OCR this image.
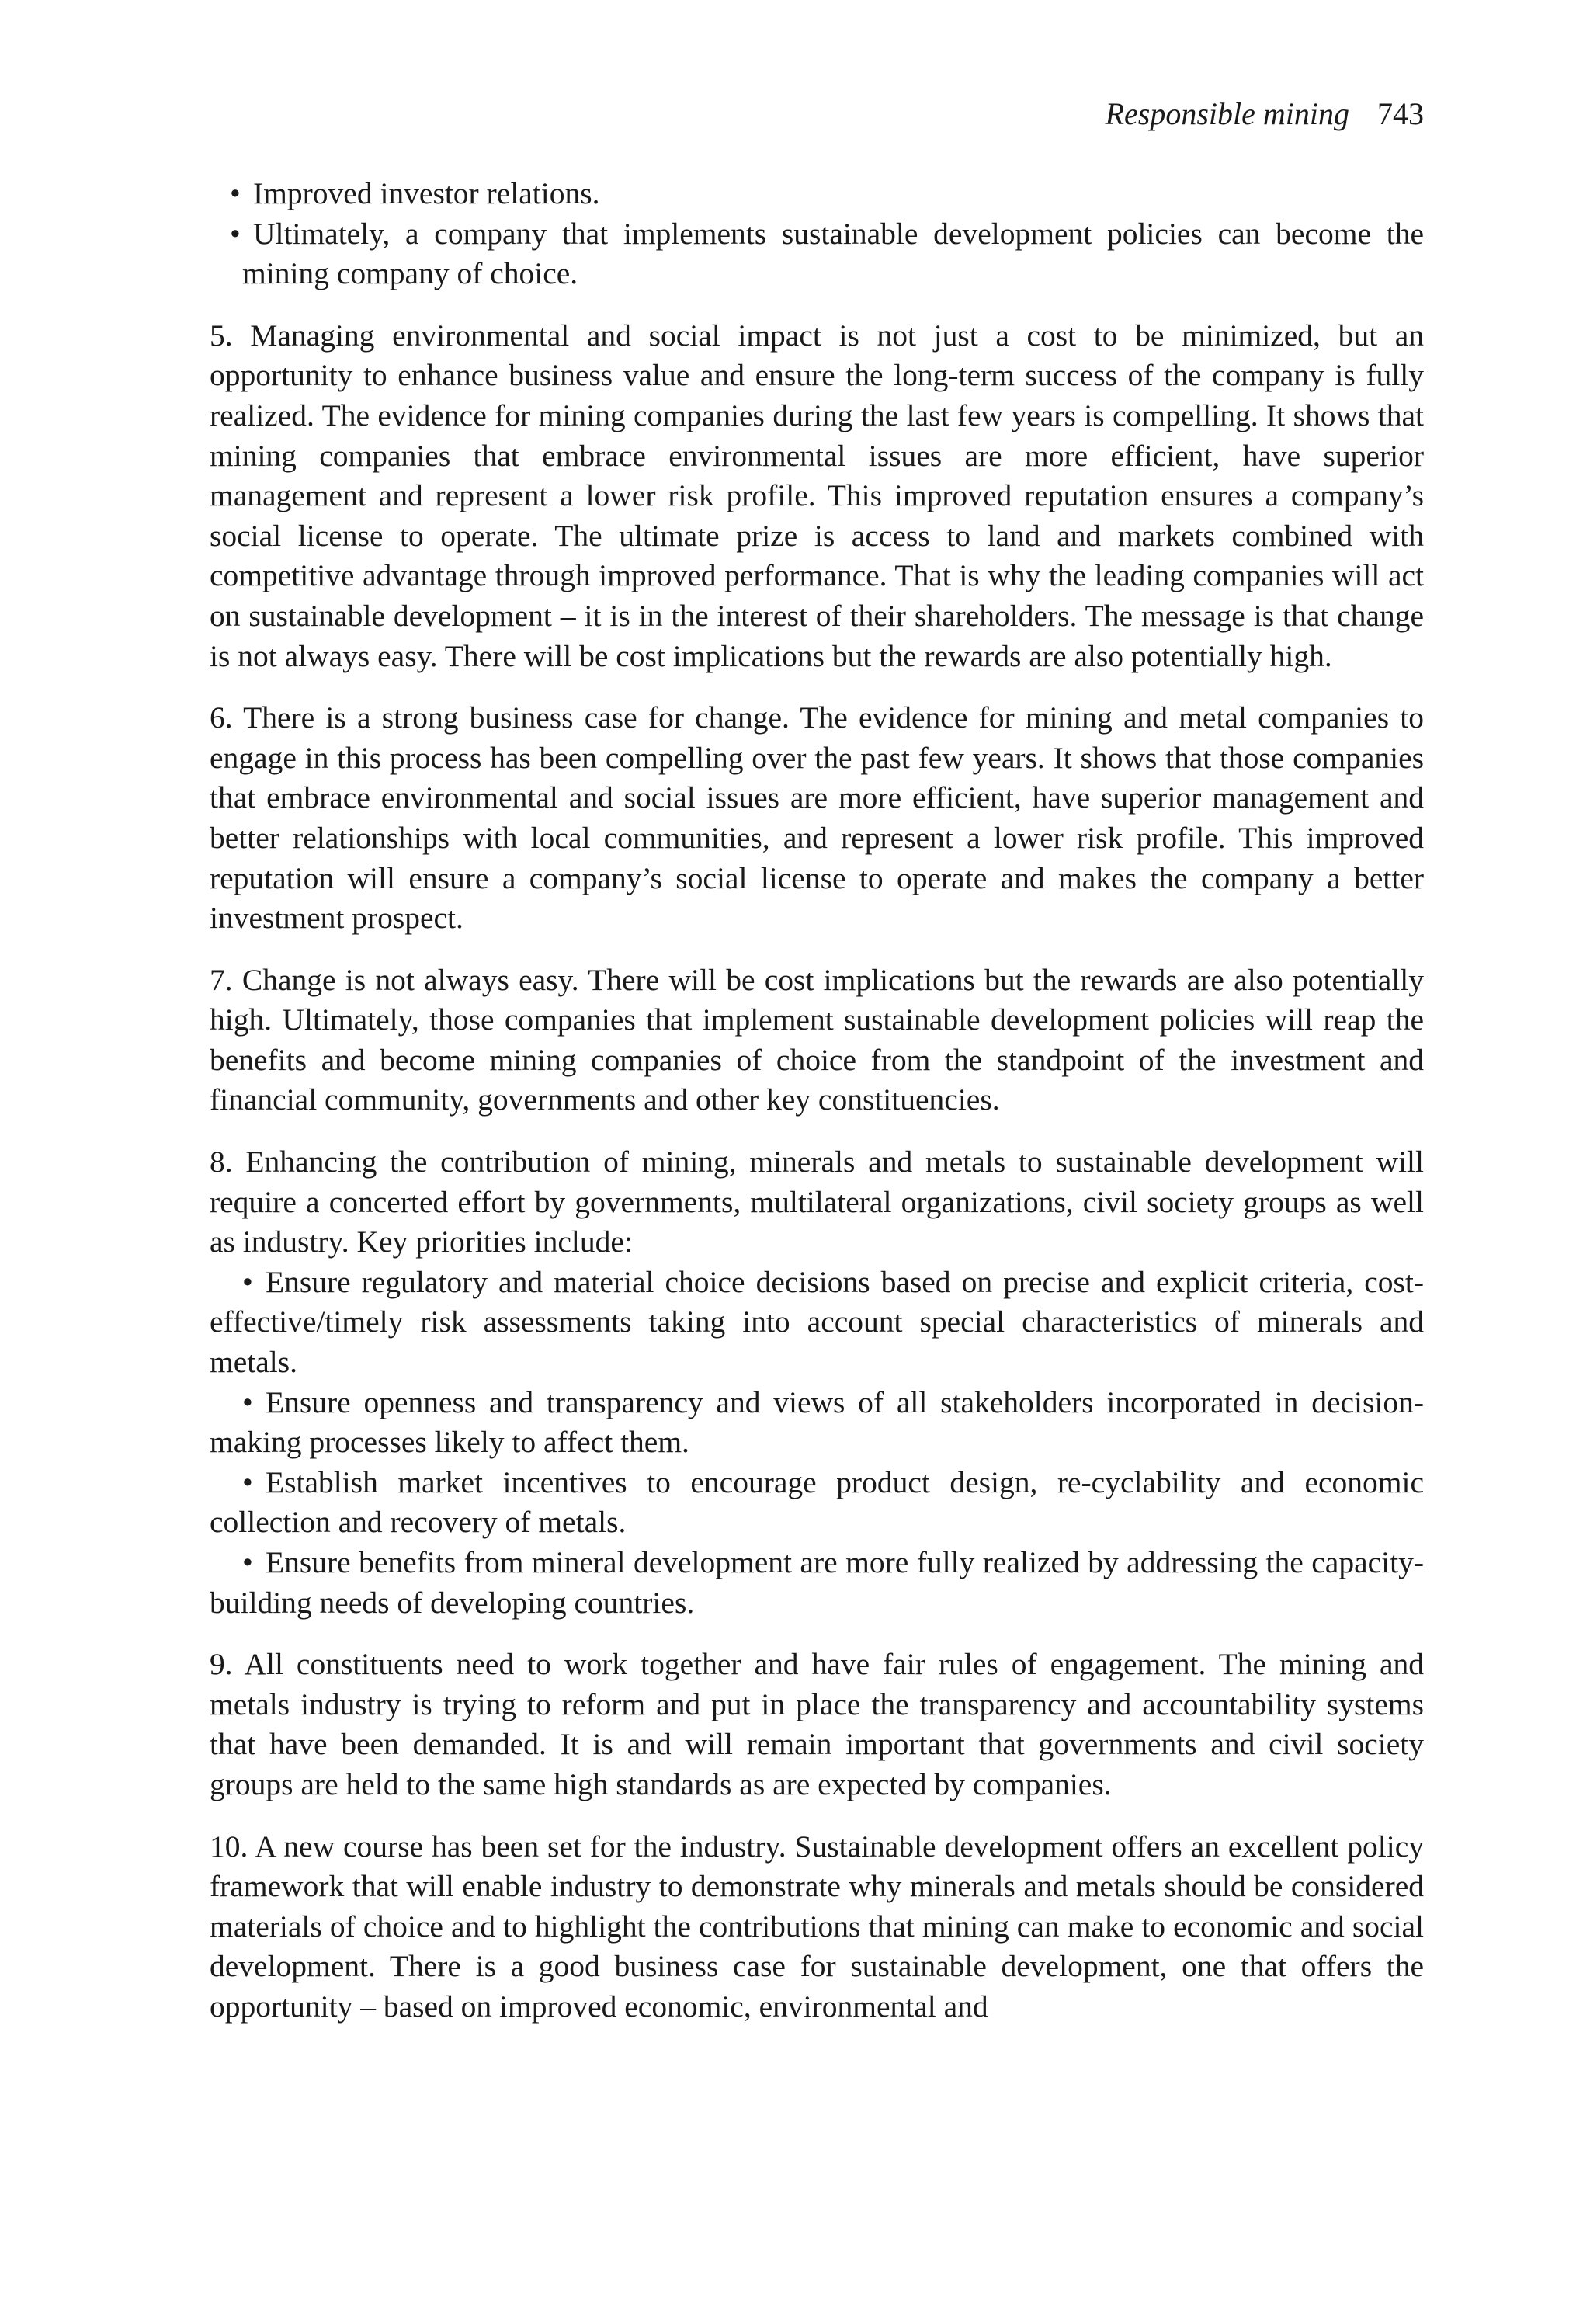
Responsible mining 743

• Improved investor relations.

• Ultimately, a company that implements sustainable development policies can become the mining company of choice.

5. Managing environmental and social impact is not just a cost to be minimized, but an opportunity to enhance business value and ensure the long-term success of the company is fully realized. The evidence for mining companies during the last few years is compelling. It shows that mining companies that embrace environmental issues are more efficient, have superior management and represent a lower risk profile. This improved reputation ensures a company’s social license to operate. The ultimate prize is access to land and markets combined with competitive advantage through improved performance. That is why the leading companies will act on sustainable development – it is in the interest of their shareholders. The message is that change is not always easy. There will be cost implications but the rewards are also potentially high.

6. There is a strong business case for change. The evidence for mining and metal companies to engage in this process has been compelling over the past few years. It shows that those companies that embrace environmental and social issues are more efficient, have superior management and better relationships with local communities, and represent a lower risk profile. This improved reputation will ensure a company’s social license to operate and makes the company a better investment prospect.

7. Change is not always easy. There will be cost implications but the rewards are also potentially high. Ultimately, those companies that implement sustainable development policies will reap the benefits and become mining companies of choice from the standpoint of the investment and financial community, governments and other key constituencies.

8. Enhancing the contribution of mining, minerals and metals to sustainable development will require a concerted effort by governments, multilateral organizations, civil society groups as well as industry. Key priorities include:

• Ensure regulatory and material choice decisions based on precise and explicit criteria, cost-effective/timely risk assessments taking into account special characteristics of minerals and metals.

• Ensure openness and transparency and views of all stakeholders incorporated in decision-making processes likely to affect them.

• Establish market incentives to encourage product design, re-cyclability and economic collection and recovery of metals.

• Ensure benefits from mineral development are more fully realized by addressing the capacity-building needs of developing countries.

9. All constituents need to work together and have fair rules of engagement. The mining and metals industry is trying to reform and put in place the transparency and accountability systems that have been demanded. It is and will remain important that governments and civil society groups are held to the same high standards as are expected by companies.

10. A new course has been set for the industry. Sustainable development offers an excellent policy framework that will enable industry to demonstrate why minerals and metals should be considered materials of choice and to highlight the contributions that mining can make to economic and social development. There is a good business case for sustainable development, one that offers the opportunity – based on improved economic, environmental and
